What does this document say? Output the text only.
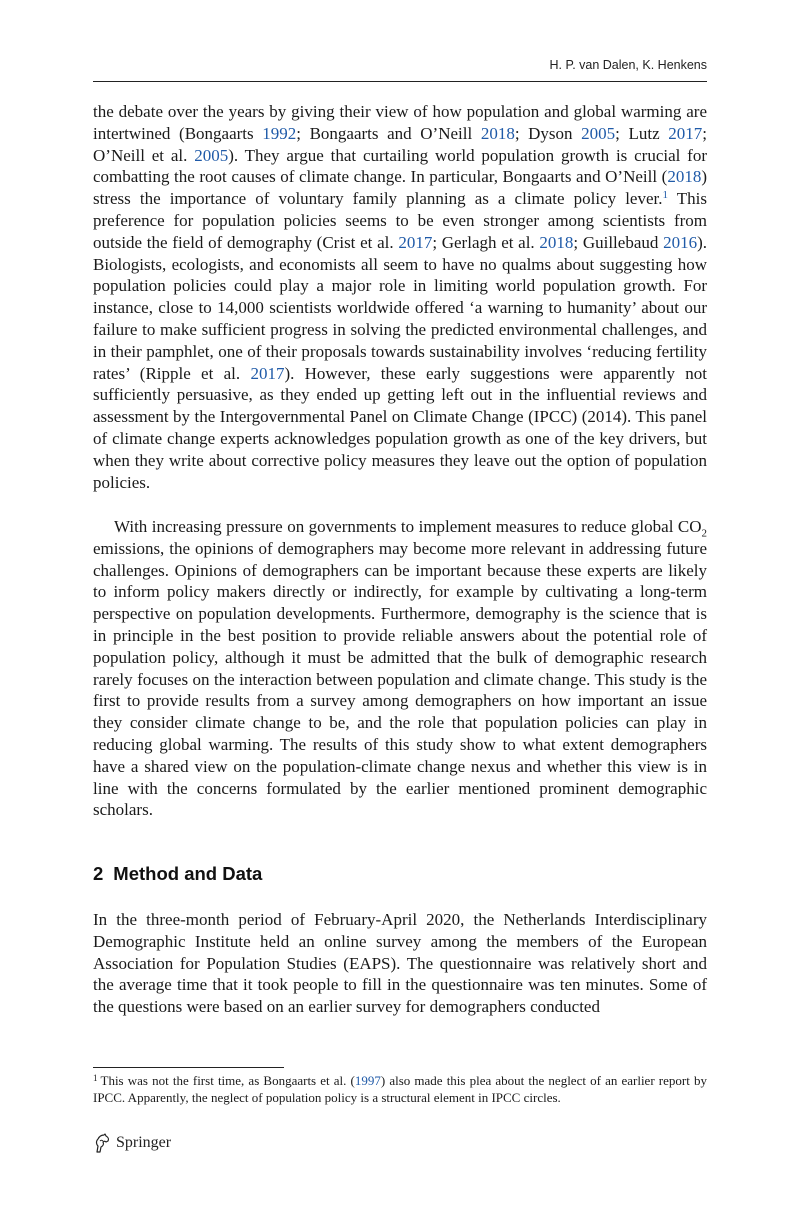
H. P. van Dalen, K. Henkens

the debate over the years by giving their view of how population and global warming are intertwined (Bongaarts 1992; Bongaarts and O’Neill 2018; Dyson 2005; Lutz 2017; O’Neill et al. 2005). They argue that curtailing world population growth is crucial for combatting the root causes of climate change. In particular, Bongaarts and O’Neill (2018) stress the importance of voluntary family planning as a climate policy lever.$^1$ This preference for population policies seems to be even stronger among scientists from outside the field of demography (Crist et al. 2017; Gerlagh et al. 2018; Guillebaud 2016). Biologists, ecologists, and economists all seem to have no qualms about suggesting how population policies could play a major role in limiting world population growth. For instance, close to 14,000 scientists worldwide offered ‘a warning to humanity’ about our failure to make sufficient progress in solving the predicted environmental challenges, and in their pamphlet, one of their proposals towards sustainability involves ‘reducing fertility rates’ (Ripple et al. 2017). However, these early suggestions were apparently not sufficiently persuasive, as they ended up getting left out in the influential reviews and assessment by the Intergovernmental Panel on Climate Change (IPCC) (2014). This panel of climate change experts acknowledges population growth as one of the key drivers, but when they write about corrective policy measures they leave out the option of population policies.

With increasing pressure on governments to implement measures to reduce global $CO_2$ emissions, the opinions of demographers may become more relevant in addressing future challenges. Opinions of demographers can be important because these experts are likely to inform policy makers directly or indirectly, for example by cultivating a long-term perspective on population developments. Furthermore, demography is the science that is in principle in the best position to provide reliable answers about the potential role of population policy, although it must be admitted that the bulk of demographic research rarely focuses on the interaction between population and climate change. This study is the first to provide results from a survey among demographers on how important an issue they consider climate change to be, and the role that population policies can play in reducing global warming. The results of this study show to what extent demographers have a shared view on the population-climate change nexus and whether this view is in line with the concerns formulated by the earlier mentioned prominent demographic scholars.

2 Method and Data

In the three-month period of February-April 2020, the Netherlands Interdisciplinary Demographic Institute held an online survey among the members of the European Association for Population Studies (EAPS). The questionnaire was relatively short and the average time that it took people to fill in the questionnaire was ten minutes. Some of the questions were based on an earlier survey for demographers conducted

$^1$ This was not the first time, as Bongaarts et al. (1997) also made this plea about the neglect of an earlier report by IPCC. Apparently, the neglect of population policy is a structural element in IPCC circles.
Springer
